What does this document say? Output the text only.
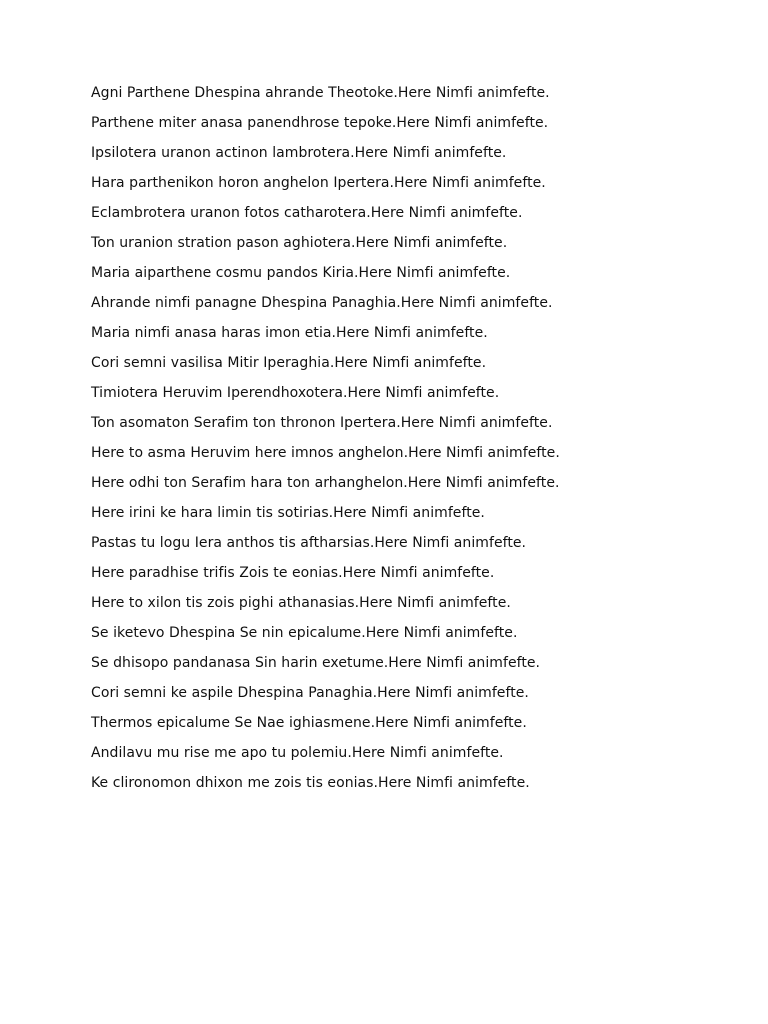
Agni Parthene Dhespina ahrande Theotoke.Here Nimfi animfefte.
Parthene miter anasa panendhrose tepoke.Here Nimfi animfefte.
Ipsilotera uranon actinon lambrotera.Here Nimfi animfefte.
Hara parthenikon horon anghelon Ipertera.Here Nimfi animfefte.
Eclambrotera uranon fotos catharotera.Here Nimfi animfefte.
Ton uranion stration pason aghiotera.Here Nimfi animfefte.
Maria aiparthene cosmu pandos Kiria.Here Nimfi animfefte.
Ahrande nimfi panagne Dhespina Panaghia.Here Nimfi animfefte.
Maria nimfi anasa haras imon etia.Here Nimfi animfefte.
Cori semni vasilisa Mitir Iperaghia.Here Nimfi animfefte.
Timiotera Heruvim Iperendhoxotera.Here Nimfi animfefte.
Ton asomaton Serafim ton thronon Ipertera.Here Nimfi animfefte.
Here to asma Heruvim here imnos anghelon.Here Nimfi animfefte.
Here odhi ton Serafim hara ton arhanghelon.Here Nimfi animfefte.
Here irini ke hara limin tis sotirias.Here Nimfi animfefte.
Pastas tu logu Iera anthos tis aftharsias.Here Nimfi animfefte.
Here paradhise trifis Zois te eonias.Here Nimfi animfefte.
Here to xilon tis zois pighi athanasias.Here Nimfi animfefte.
Se iketevo Dhespina Se nin epicalume.Here Nimfi animfefte.
Se dhisopo pandanasa Sin harin exetume.Here Nimfi animfefte.
Cori semni ke aspile Dhespina Panaghia.Here Nimfi animfefte.
Thermos epicalume Se Nae ighiasmene.Here Nimfi animfefte.
Andilavu mu rise me apo tu polemiu.Here Nimfi animfefte.
Ke clironomon dhixon me zois tis eonias.Here Nimfi animfefte.
